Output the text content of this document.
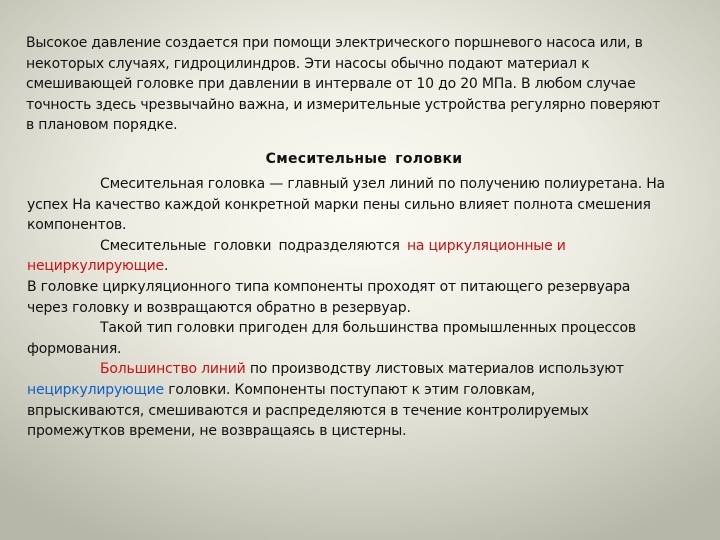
Высокое давление создается при помощи электрического поршневого насоса или, в
некоторых случаях, гидроцилиндров. Эти насосы обычно подают материал к
смешивающей головке при давлении в интервале от 10 до 20 МПа. В любом случае
точность здесь чрезвычайно важна, и измерительные устройства регулярно поверяют
в плановом порядке.
Смесительные головки
Смесительная головка — главный узел линий по получению полиуретана. На
успех На качество каждой конкретной марки пены сильно влияет полнота смешения
компонентов.
Смесительные головки подразделяются на циркуляционные и
нециркулирующие.
В головке циркуляционного типа компоненты проходят от питающего резервуара
через головку и возвращаются обратно в резервуар.
Такой тип головки пригоден для большинства промышленных процессов
формования.
Большинство линий по производству листовых материалов используют
нециркулирующие головки. Компоненты поступают к этим головкам,
впрыскиваются, смешиваются и распределяются в течение контролируемых
промежутков времени, не возвращаясь в цистерны.
17
